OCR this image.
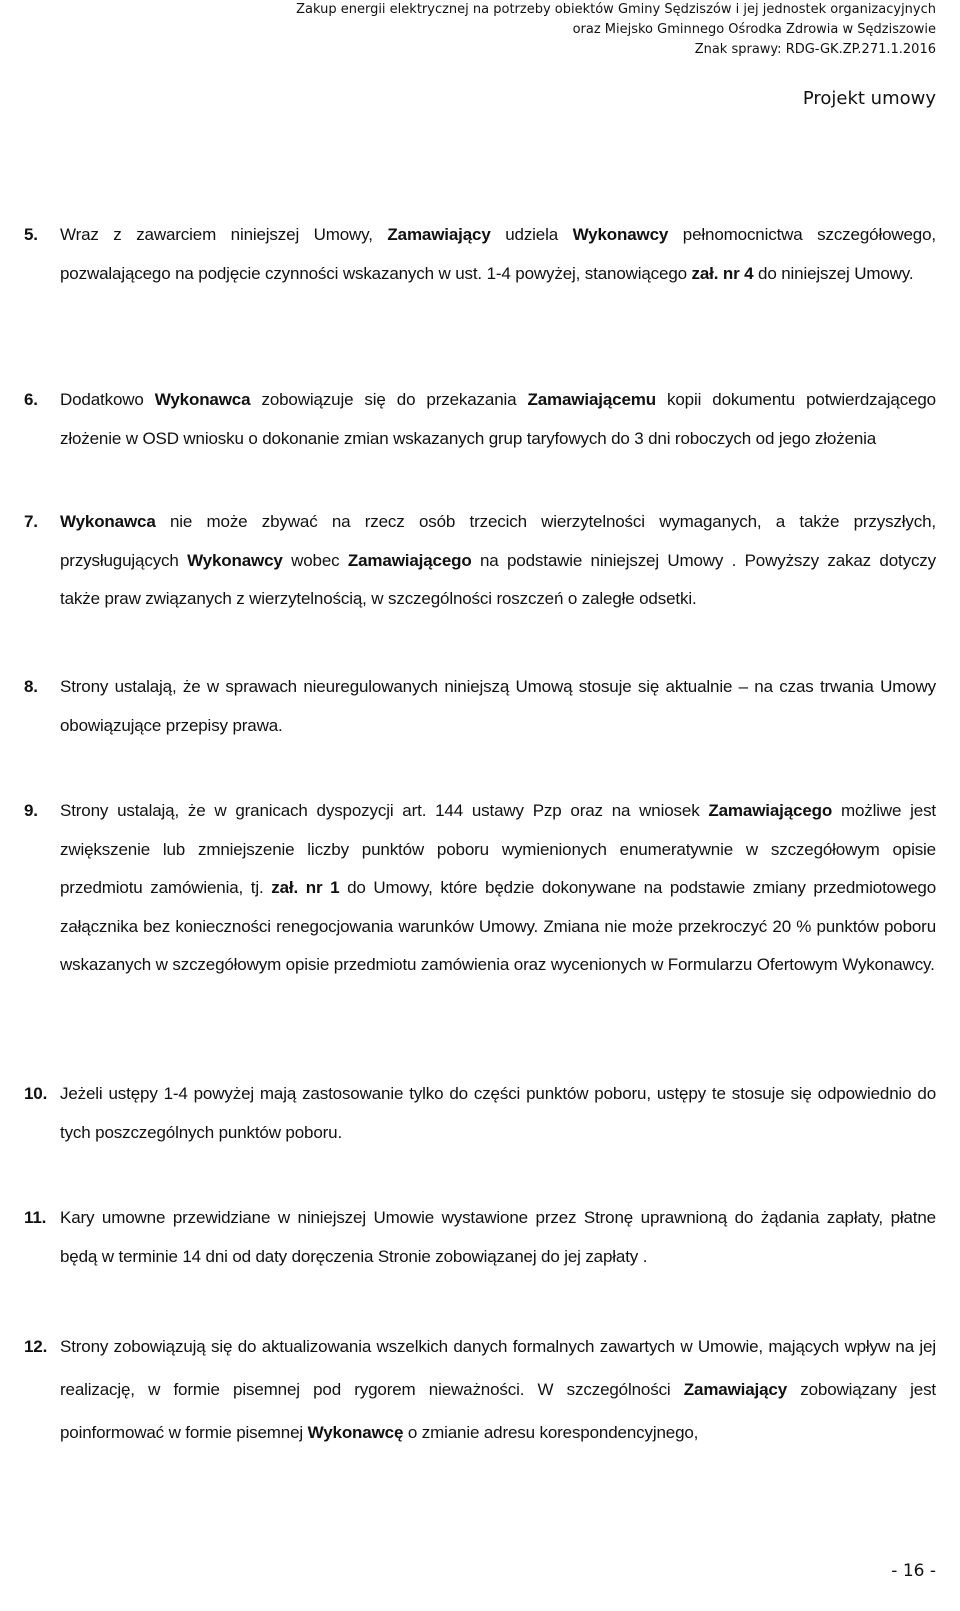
Zakup energii elektrycznej na potrzeby obiektów Gminy Sędziszów i jej jednostek organizacyjnych
oraz Miejsko Gminnego Ośrodka Zdrowia w Sędziszowie
Znak sprawy: RDG-GK.ZP.271.1.2016
Projekt umowy
5. Wraz z zawarciem niniejszej Umowy, Zamawiający udziela Wykonawcy pełnomocnictwa szczegółowego, pozwalającego na podjęcie czynności wskazanych w ust. 1-4 powyżej, stanowiącego zał. nr 4 do niniejszej Umowy.
6. Dodatkowo Wykonawca zobowiązuje się do przekazania Zamawiającemu kopii dokumentu potwierdzającego złożenie w OSD wniosku o dokonanie zmian wskazanych grup taryfowych do 3 dni roboczych od jego złożenia
7. Wykonawca nie może zbywać na rzecz osób trzecich wierzytelności wymaganych, a także przyszłych, przysługujących Wykonawcy wobec Zamawiającego na podstawie niniejszej Umowy . Powyższy zakaz dotyczy także praw związanych z wierzytelnością, w szczególności roszczeń o zaległe odsetki.
8. Strony ustalają, że w sprawach nieuregulowanych niniejszą Umową stosuje się aktualnie – na czas trwania Umowy obowiązujące przepisy prawa.
9. Strony ustalają, że w granicach dyspozycji art. 144 ustawy Pzp oraz na wniosek Zamawiającego możliwe jest zwiększenie lub zmniejszenie liczby punktów poboru wymienionych enumeratywnie w szczegółowym opisie przedmiotu zamówienia, tj. zał. nr 1 do Umowy, które będzie dokonywane na podstawie zmiany przedmiotowego załącznika bez konieczności renegocjowania warunków Umowy. Zmiana nie może przekroczyć 20 % punktów poboru wskazanych w szczegółowym opisie przedmiotu zamówienia oraz wycenionych w Formularzu Ofertowym Wykonawcy.
10. Jeżeli ustępy 1-4 powyżej mają zastosowanie tylko do części punktów poboru, ustępy te stosuje się odpowiednio do tych poszczególnych punktów poboru.
11. Kary umowne przewidziane w niniejszej Umowie wystawione przez Stronę uprawnioną do żądania zapłaty, płatne będą w terminie 14 dni od daty doręczenia Stronie zobowiązanej do jej zapłaty .
12. Strony zobowiązują się do aktualizowania wszelkich danych formalnych zawartych w Umowie, mających wpływ na jej realizację, w formie pisemnej pod rygorem nieważności. W szczególności Zamawiający zobowiązany jest poinformować w formie pisemnej Wykonawcę o zmianie adresu korespondencyjnego,
- 16 -
